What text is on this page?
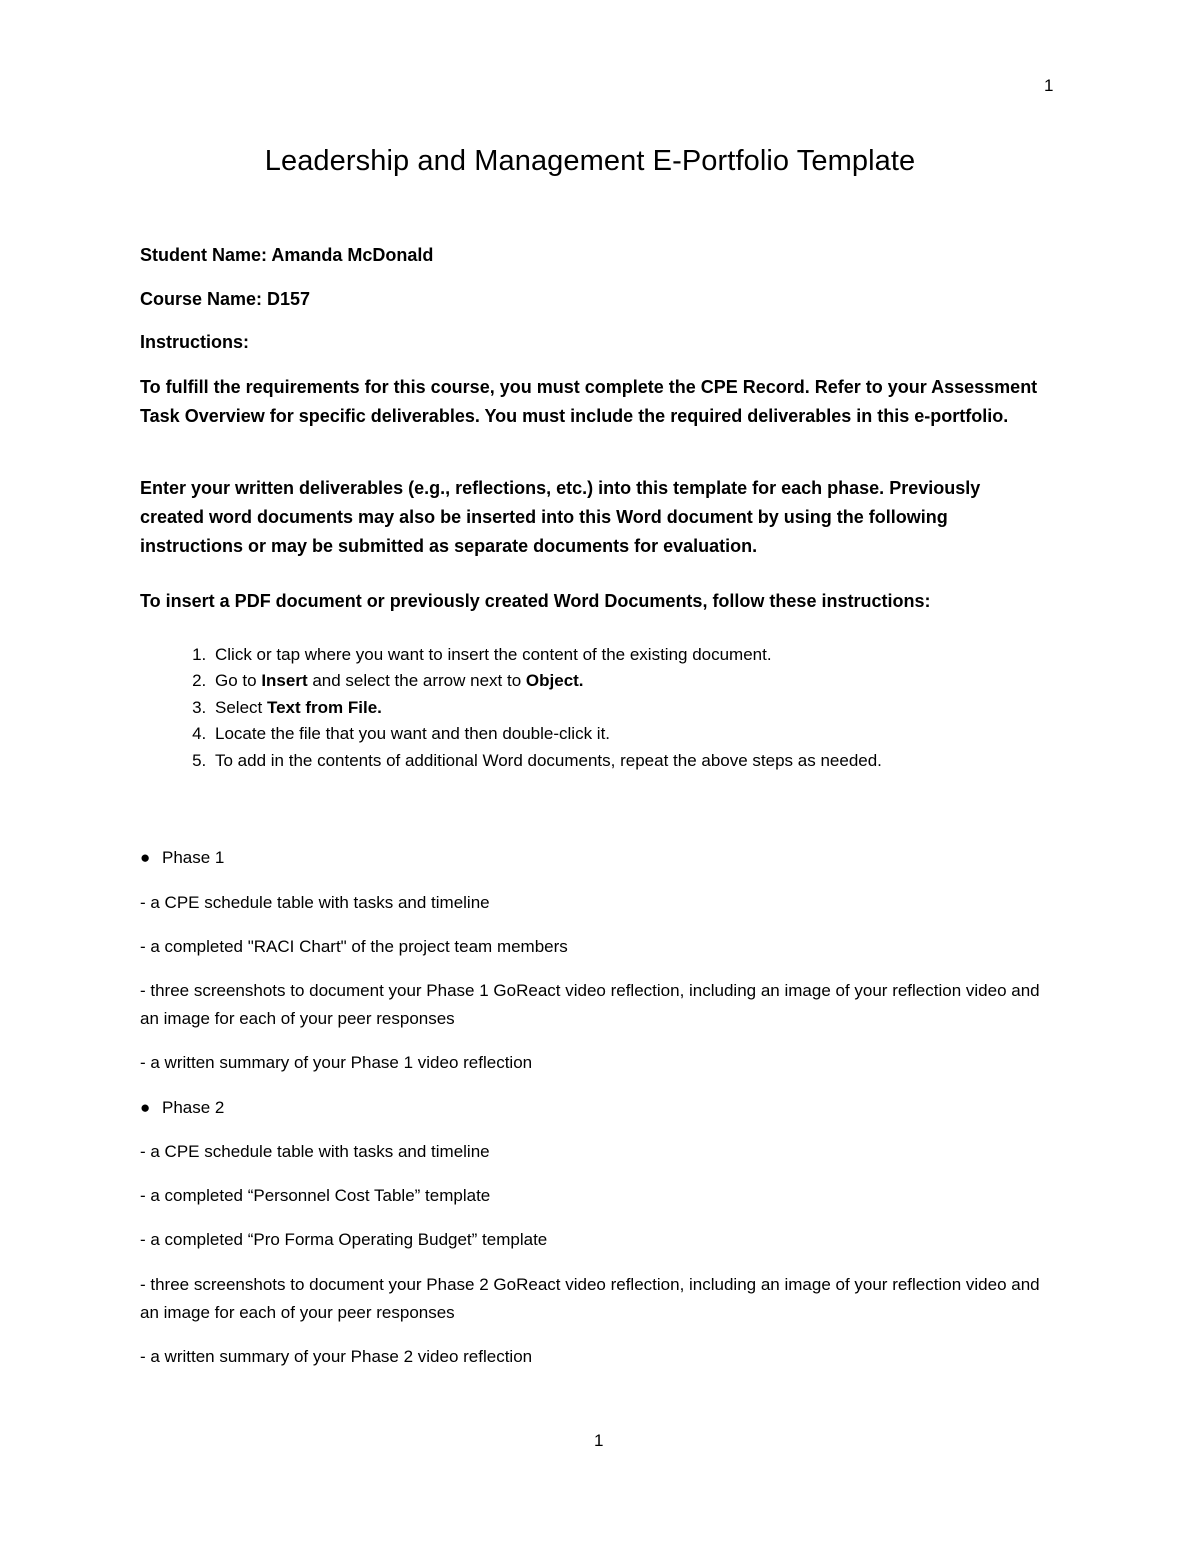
1
Leadership and Management E-Portfolio Template

Student Name: Amanda McDonald

Course Name: D157

Instructions:

To fulfill the requirements for this course, you must complete the CPE Record. Refer to your Assessment Task Overview for specific deliverables. You must include the required deliverables in this e-portfolio.

Enter your written deliverables (e.g., reflections, etc.) into this template for each phase. Previously created word documents may also be inserted into this Word document by using the following instructions or may be submitted as separate documents for evaluation.

To insert a PDF document or previously created Word Documents, follow these instructions:

1. Click or tap where you want to insert the content of the existing document.
2. Go to Insert and select the arrow next to Object.
3. Select Text from File.
4. Locate the file that you want and then double-click it.
5. To add in the contents of additional Word documents, repeat the above steps as needed.

● Phase 1

- a CPE schedule table with tasks and timeline

- a completed "RACI Chart" of the project team members

- three screenshots to document your Phase 1 GoReact video reflection, including an image of your reflection video and an image for each of your peer responses

- a written summary of your Phase 1 video reflection

● Phase 2

- a CPE schedule table with tasks and timeline

- a completed “Personnel Cost Table” template

- a completed “Pro Forma Operating Budget” template

- three screenshots to document your Phase 2 GoReact video reflection, including an image of your reflection video and an image for each of your peer responses

- a written summary of your Phase 2 video reflection

1
